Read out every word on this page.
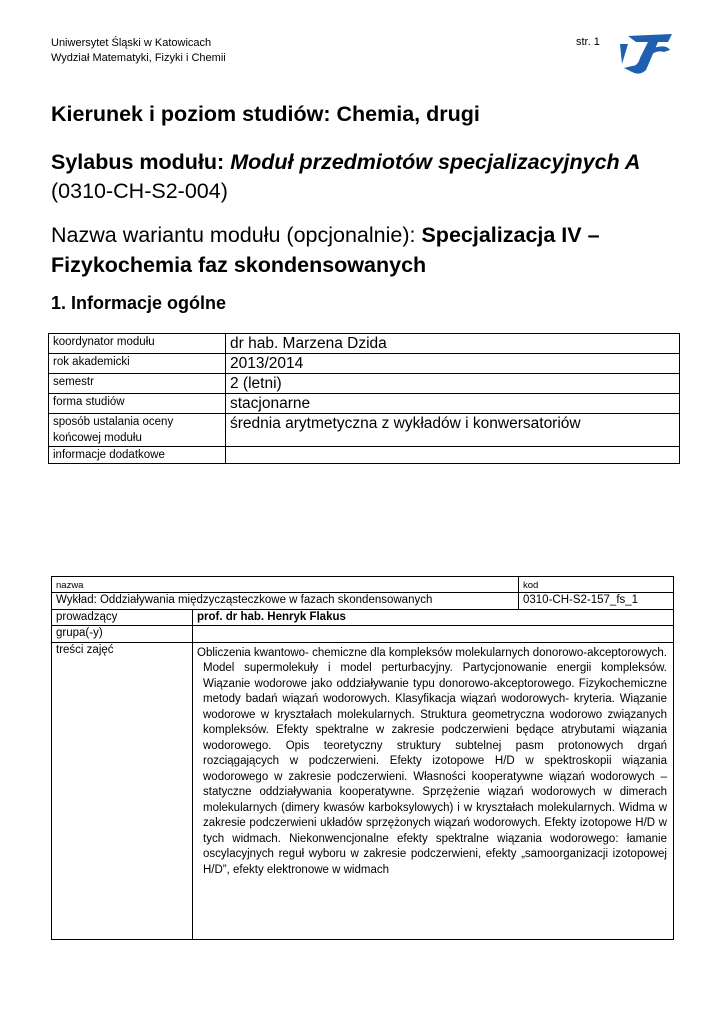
Uniwersytet Śląski w Katowicach
Wydział Matematyki, Fizyki i Chemii
str. 1
Kierunek i poziom studiów: Chemia, drugi
Sylabus modułu: Moduł przedmiotów specjalizacyjnych A
(0310-CH-S2-004)
Nazwa wariantu modułu (opcjonalnie): Specjalizacja IV – Fizykochemia faz skondensowanych
1. Informacje ogólne
koordynator modułu	dr hab. Marzena Dzida
rok akademicki	2013/2014
semestr	2 (letni)
forma studiów	stacjonarne
sposób ustalania oceny końcowej modułu	średnia arytmetyczna z wykładów i konwersatoriów
informacje dodatkowe	
nazwa		kod
Wykład: Oddziaływania międzycząsteczkowe w fazach skondensowanych		0310-CH-S2-157_fs_1
prowadzący	prof. dr hab. Henryk Flakus	
grupa(-y)		
treści zajęć	Obliczenia kwantowo- chemiczne dla kompleksów molekularnych donorowo-akceptorowych. Model supermolekuły i model perturbacyjny. Partycjonowanie energii kompleksów. Wiązanie wodorowe jako oddziaływanie typu donorowo-akceptorowego. Fizykochemiczne metody badań wiązań wodorowych. Klasyfikacja wiązań wodorowych- kryteria. Wiązanie wodorowe w kryształach molekularnych. Struktura geometryczna wodorowo związanych kompleksów. Efekty spektralne w zakresie podczerwieni będące atrybutami wiązania wodorowego. Opis teoretyczny struktury subtelnej pasm protonowych drgań rozciągających w podczerwieni. Efekty izotopowe H/D w spektroskopii wiązania wodorowego w zakresie podczerwieni. Własności kooperatywne wiązań wodorowych – statyczne oddziaływania kooperatywne. Sprzężenie wiązań wodorowych w dimerach molekularnych (dimery kwasów karboksylowych) i w kryształach molekularnych. Widma w zakresie podczerwieni układów sprzężonych wiązań wodorowych. Efekty izotopowe H/D w tych widmach. Niekonwencjonalne efekty spektralne wiązania wodorowego: łamanie oscylacyjnych reguł wyboru w zakresie podczerwieni, efekty „samoorganizacji izotopowej H/D”, efekty elektronowe w widmach	
